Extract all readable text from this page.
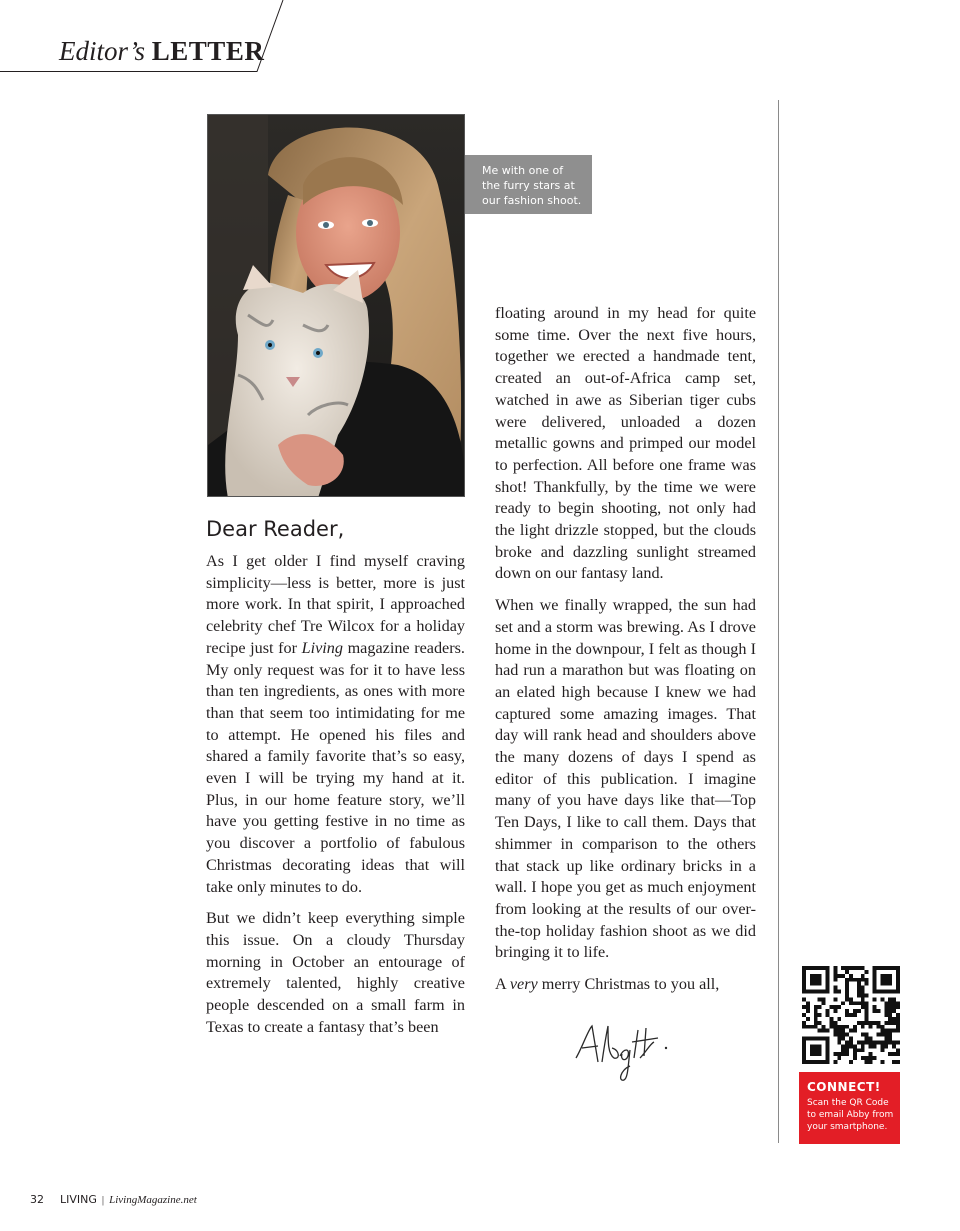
Editor’s LETTER
Me with one of the furry stars at our fashion shoot.
Dear Reader,

As I get older I find myself craving simplicity—less is better, more is just more work. In that spirit, I approached celebrity chef Tre Wilcox for a holiday recipe just for Living magazine readers. My only request was for it to have less than ten ingredients, as ones with more than that seem too intimidating for me to attempt. He opened his files and shared a family favorite that’s so easy, even I will be trying my hand at it. Plus, in our home feature story, we’ll have you getting festive in no time as you discover a portfolio of fabulous Christmas decorating ideas that will take only minutes to do.

But we didn’t keep everything simple this issue. On a cloudy Thursday morning in October an entourage of extremely talented, highly creative people descended on a small farm in Texas to create a fantasy that’s been

floating around in my head for quite some time. Over the next five hours, together we erected a handmade tent, created an out-of-Africa camp set, watched in awe as Siberian tiger cubs were delivered, unloaded a dozen metallic gowns and primped our model to perfection. All before one frame was shot! Thankfully, by the time we were ready to begin shooting, not only had the light drizzle stopped, but the clouds broke and dazzling sunlight streamed down on our fantasy land.

When we finally wrapped, the sun had set and a storm was brewing. As I drove home in the downpour, I felt as though I had run a marathon but was floating on an elated high because I knew we had captured some amazing images. That day will rank head and shoulders above the many dozens of days I spend as editor of this publication. I imagine many of you have days like that—Top Ten Days, I like to call them. Days that shimmer in comparison to the others that stack up like ordinary bricks in a wall. I hope you get as much enjoyment from looking at the results of our over-the-top holiday fashion shoot as we did bringing it to life.

A very merry Christmas to you all,

CONNECT!
Scan the QR Code to email Abby from your smartphone.
32 LIVING | LivingMagazine.net
